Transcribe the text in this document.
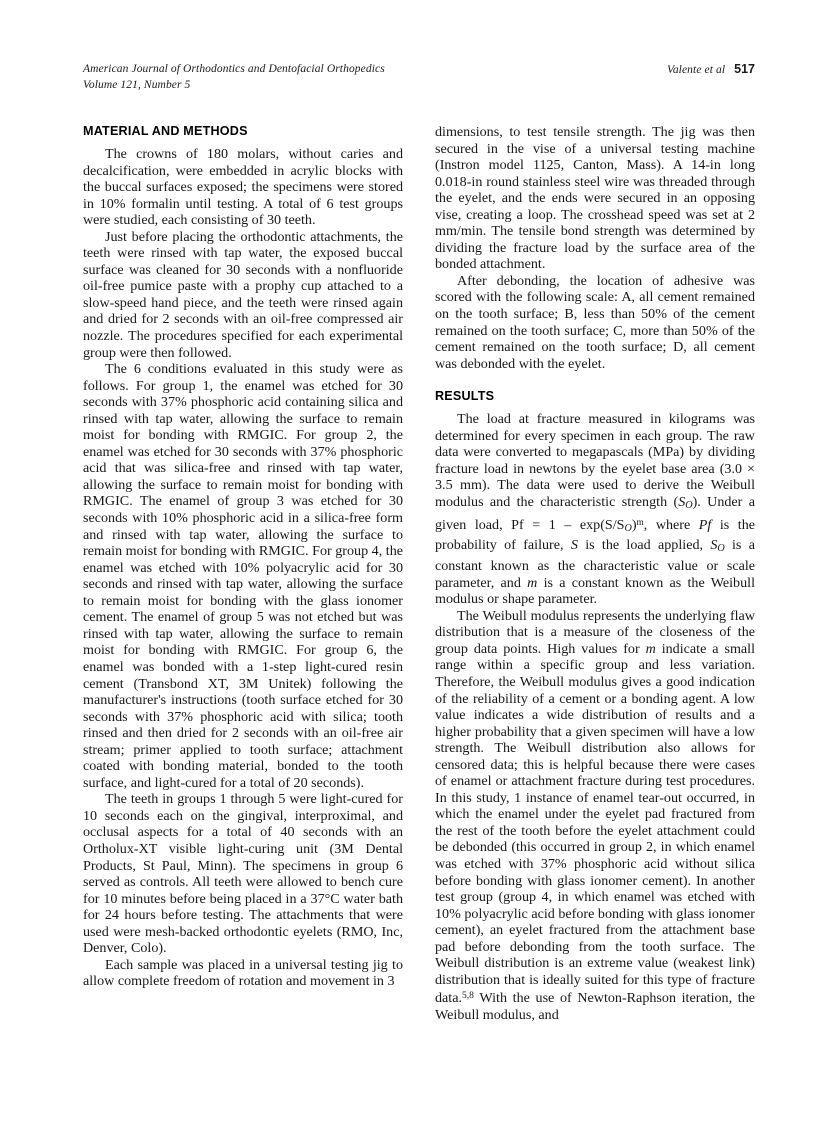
American Journal of Orthodontics and Dentofacial Orthopedics
Volume 121, Number 5
Valente et al 517
MATERIAL AND METHODS

The crowns of 180 molars, without caries and decalcification, were embedded in acrylic blocks with the buccal surfaces exposed; the specimens were stored in 10% formalin until testing. A total of 6 test groups were studied, each consisting of 30 teeth.

Just before placing the orthodontic attachments, the teeth were rinsed with tap water, the exposed buccal surface was cleaned for 30 seconds with a nonfluoride oil-free pumice paste with a prophy cup attached to a slow-speed hand piece, and the teeth were rinsed again and dried for 2 seconds with an oil-free compressed air nozzle. The procedures specified for each experimental group were then followed.

The 6 conditions evaluated in this study were as follows. For group 1, the enamel was etched for 30 seconds with 37% phosphoric acid containing silica and rinsed with tap water, allowing the surface to remain moist for bonding with RMGIC. For group 2, the enamel was etched for 30 seconds with 37% phosphoric acid that was silica-free and rinsed with tap water, allowing the surface to remain moist for bonding with RMGIC. The enamel of group 3 was etched for 30 seconds with 10% phosphoric acid in a silica-free form and rinsed with tap water, allowing the surface to remain moist for bonding with RMGIC. For group 4, the enamel was etched with 10% polyacrylic acid for 30 seconds and rinsed with tap water, allowing the surface to remain moist for bonding with the glass ionomer cement. The enamel of group 5 was not etched but was rinsed with tap water, allowing the surface to remain moist for bonding with RMGIC. For group 6, the enamel was bonded with a 1-step light-cured resin cement (Transbond XT, 3M Unitek) following the manufacturer's instructions (tooth surface etched for 30 seconds with 37% phosphoric acid with silica; tooth rinsed and then dried for 2 seconds with an oil-free air stream; primer applied to tooth surface; attachment coated with bonding material, bonded to the tooth surface, and light-cured for a total of 20 seconds).

The teeth in groups 1 through 5 were light-cured for 10 seconds each on the gingival, interproximal, and occlusal aspects for a total of 40 seconds with an Ortholux-XT visible light-curing unit (3M Dental Products, St Paul, Minn). The specimens in group 6 served as controls. All teeth were allowed to bench cure for 10 minutes before being placed in a 37°C water bath for 24 hours before testing. The attachments that were used were mesh-backed orthodontic eyelets (RMO, Inc, Denver, Colo).

Each sample was placed in a universal testing jig to allow complete freedom of rotation and movement in 3

dimensions, to test tensile strength. The jig was then secured in the vise of a universal testing machine (Instron model 1125, Canton, Mass). A 14-in long 0.018-in round stainless steel wire was threaded through the eyelet, and the ends were secured in an opposing vise, creating a loop. The crosshead speed was set at 2 mm/min. The tensile bond strength was determined by dividing the fracture load by the surface area of the bonded attachment.

After debonding, the location of adhesive was scored with the following scale: A, all cement remained on the tooth surface; B, less than 50% of the cement remained on the tooth surface; C, more than 50% of the cement remained on the tooth surface; D, all cement was debonded with the eyelet.

RESULTS

The load at fracture measured in kilograms was determined for every specimen in each group. The raw data were converted to megapascals (MPa) by dividing fracture load in newtons by the eyelet base area (3.0 × 3.5 mm). The data were used to derive the Weibull modulus and the characteristic strength $(S_O)$. Under a given load, $Pf = 1 - \exp(S/S_O)^m$, where Pf is the probability of failure, S is the load applied, $S_O$ is a constant known as the characteristic value or scale parameter, and m is a constant known as the Weibull modulus or shape parameter.

The Weibull modulus represents the underlying flaw distribution that is a measure of the closeness of the group data points. High values for m indicate a small range within a specific group and less variation. Therefore, the Weibull modulus gives a good indication of the reliability of a cement or a bonding agent. A low value indicates a wide distribution of results and a higher probability that a given specimen will have a low strength. The Weibull distribution also allows for censored data; this is helpful because there were cases of enamel or attachment fracture during test procedures. In this study, 1 instance of enamel tear-out occurred, in which the enamel under the eyelet pad fractured from the rest of the tooth before the eyelet attachment could be debonded (this occurred in group 2, in which enamel was etched with 37% phosphoric acid without silica before bonding with glass ionomer cement). In another test group (group 4, in which enamel was etched with 10% polyacrylic acid before bonding with glass ionomer cement), an eyelet fractured from the attachment base pad before debonding from the tooth surface. The Weibull distribution is an extreme value (weakest link) distribution that is ideally suited for this type of fracture data.$^{5,8}$ With the use of Newton-Raphson iteration, the Weibull modulus, and
